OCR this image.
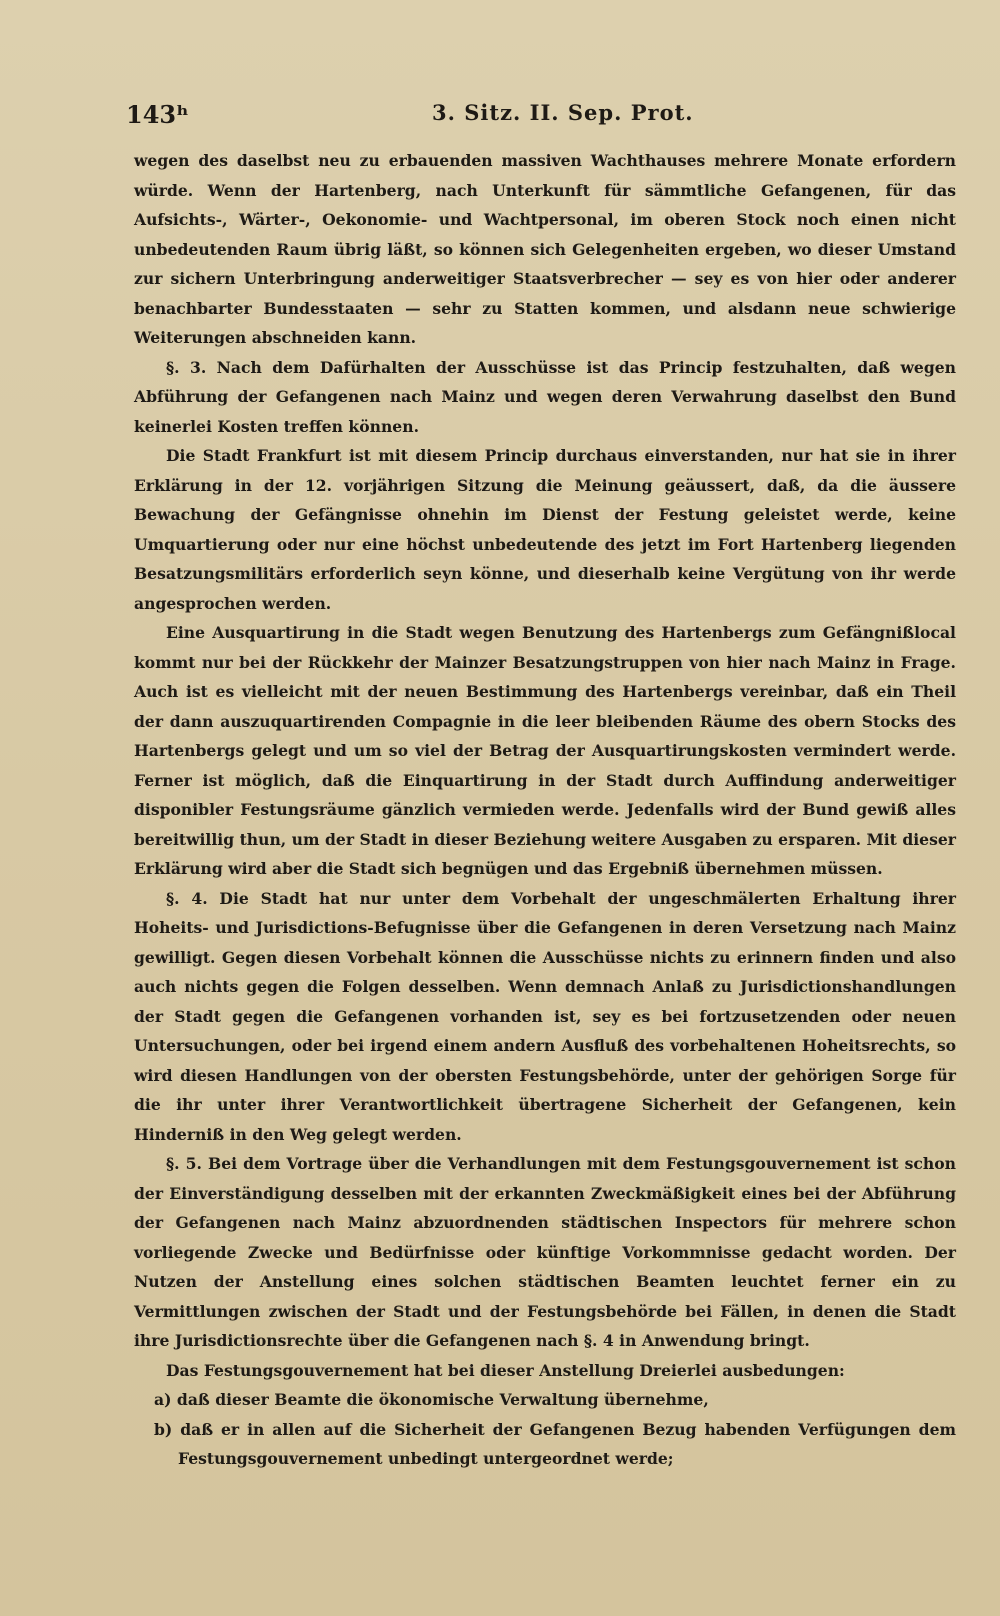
143ʰ	3. Sitz. II. Sep. Prot.

wegen des daselbst neu zu erbauenden massiven Wachthauses mehrere Monate erfordern würde. Wenn der Hartenberg, nach Unterkunft für sämmtliche Gefangenen, für das Aufsichts-, Wärter-, Oekonomie- und Wachtpersonal, im oberen Stock noch einen nicht unbedeutenden Raum übrig läßt, so können sich Gelegenheiten ergeben, wo dieser Umstand zur sichern Unterbringung anderweitiger Staatsverbrecher — sey es von hier oder anderer benachbarter Bundesstaaten — sehr zu Statten kommen, und alsdann neue schwierige Weiterungen abschneiden kann.

§. 3. Nach dem Dafürhalten der Ausschüsse ist das Princip festzuhalten, daß wegen Abführung der Gefangenen nach Mainz und wegen deren Verwahrung daselbst den Bund keinerlei Kosten treffen können.

Die Stadt Frankfurt ist mit diesem Princip durchaus einverstanden, nur hat sie in ihrer Erklärung in der 12. vorjährigen Sitzung die Meinung geäussert, daß, da die äussere Bewachung der Gefängnisse ohnehin im Dienst der Festung geleistet werde, keine Umquartierung oder nur eine höchst unbedeutende des jetzt im Fort Hartenberg liegenden Besatzungsmilitärs erforderlich seyn könne, und dieserhalb keine Vergütung von ihr werde angesprochen werden.

Eine Ausquartirung in die Stadt wegen Benutzung des Hartenbergs zum Gefängnißlocal kommt nur bei der Rückkehr der Mainzer Besatzungstruppen von hier nach Mainz in Frage. Auch ist es vielleicht mit der neuen Bestimmung des Hartenbergs vereinbar, daß ein Theil der dann auszuquartirenden Compagnie in die leer bleibenden Räume des obern Stocks des Hartenbergs gelegt und um so viel der Betrag der Ausquartirungskosten vermindert werde. Ferner ist möglich, daß die Einquartirung in der Stadt durch Auffindung anderweitiger disponibler Festungsräume gänzlich vermieden werde. Jedenfalls wird der Bund gewiß alles bereitwillig thun, um der Stadt in dieser Beziehung weitere Ausgaben zu ersparen. Mit dieser Erklärung wird aber die Stadt sich begnügen und das Ergebniß übernehmen müssen.

§. 4. Die Stadt hat nur unter dem Vorbehalt der ungeschmälerten Erhaltung ihrer Hoheits- und Jurisdictions-Befugnisse über die Gefangenen in deren Versetzung nach Mainz gewilligt. Gegen diesen Vorbehalt können die Ausschüsse nichts zu erinnern finden und also auch nichts gegen die Folgen desselben. Wenn demnach Anlaß zu Jurisdictionshandlungen der Stadt gegen die Gefangenen vorhanden ist, sey es bei fortzusetzenden oder neuen Untersuchungen, oder bei irgend einem andern Ausfluß des vorbehaltenen Hoheitsrechts, so wird diesen Handlungen von der obersten Festungsbehörde, unter der gehörigen Sorge für die ihr unter ihrer Verantwortlichkeit übertragene Sicherheit der Gefangenen, kein Hinderniß in den Weg gelegt werden.

§. 5. Bei dem Vortrage über die Verhandlungen mit dem Festungsgouvernement ist schon der Einverständigung desselben mit der erkannten Zweckmäßigkeit eines bei der Abführung der Gefangenen nach Mainz abzuordnenden städtischen Inspectors für mehrere schon vorliegende Zwecke und Bedürfnisse oder künftige Vorkommnisse gedacht worden. Der Nutzen der Anstellung eines solchen städtischen Beamten leuchtet ferner ein zu Vermittlungen zwischen der Stadt und der Festungsbehörde bei Fällen, in denen die Stadt ihre Jurisdictionsrechte über die Gefangenen nach §. 4 in Anwendung bringt.

Das Festungsgouvernement hat bei dieser Anstellung Dreierlei ausbedungen:

a) daß dieser Beamte die ökonomische Verwaltung übernehme,

b) daß er in allen auf die Sicherheit der Gefangenen Bezug habenden Verfügungen dem Festungsgouvernement unbedingt untergeordnet werde;
